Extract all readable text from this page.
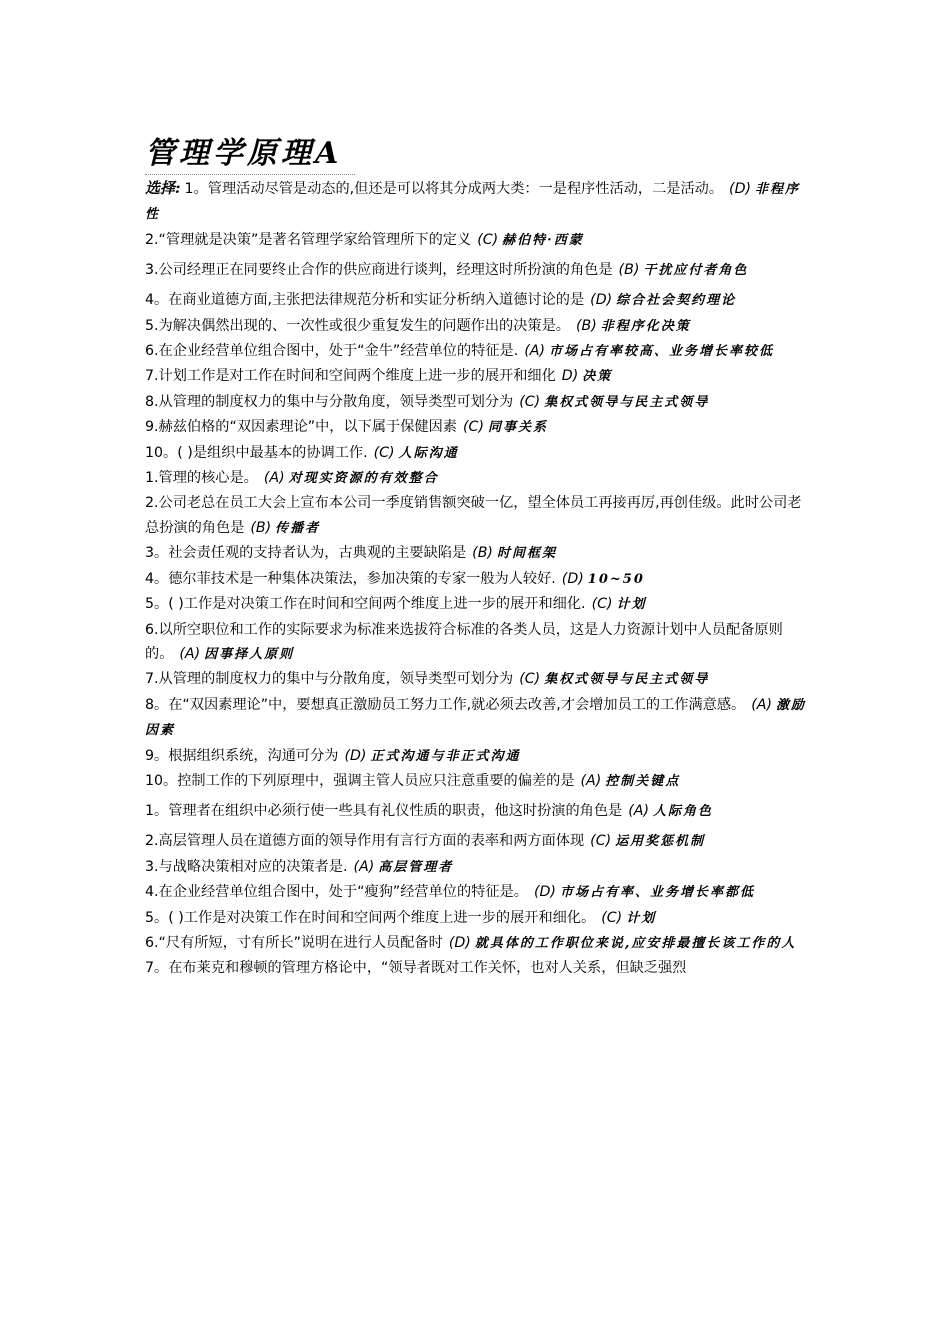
管理学原理A

选择: 1。管理活动尽管是动态的,但还是可以将其分成两大类：一是程序性活动，二是活动。 (D) 非程序性

2.“管理就是决策”是著名管理学家给管理所下的定义 (C) 赫伯特·西蒙

3.公司经理正在同要终止合作的供应商进行谈判，经理这时所扮演的角色是 (B) 干扰应付者角色

4。在商业道德方面,主张把法律规范分析和实证分析纳入道德讨论的是 (D) 综合社会契约理论

5.为解决偶然出现的、一次性或很少重复发生的问题作出的决策是。 (B) 非程序化决策

6.在企业经营单位组合图中，处于“金牛”经营单位的特征是. (A) 市场占有率较高、业务增长率较低

7.计划工作是对工作在时间和空间两个维度上进一步的展开和细化 D) 决策

8.从管理的制度权力的集中与分散角度，领导类型可划分为 (C) 集权式领导与民主式领导

9.赫兹伯格的“双因素理论”中，以下属于保健因素 (C) 同事关系

10。( )是组织中最基本的协调工作. (C) 人际沟通

1.管理的核心是。 (A) 对现实资源的有效整合

2.公司老总在员工大会上宣布本公司一季度销售额突破一亿，望全体员工再接再厉,再创佳级。此时公司老总扮演的角色是 (B) 传播者

3。社会责任观的支持者认为，古典观的主要缺陷是 (B) 时间框架

4。德尔菲技术是一种集体决策法，参加决策的专家一般为人较好. (D) 10~50

5。( )工作是对决策工作在时间和空间两个维度上进一步的展开和细化. (C) 计划

6.以所空职位和工作的实际要求为标准来选拔符合标准的各类人员，这是人力资源计划中人员配备原则的。 (A) 因事择人原则

7.从管理的制度权力的集中与分散角度，领导类型可划分为 (C) 集权式领导与民主式领导

8。在“双因素理论”中，要想真正激励员工努力工作,就必须去改善,才会增加员工的工作满意感。 (A) 激励因素

9。根据组织系统，沟通可分为 (D) 正式沟通与非正式沟通

10。控制工作的下列原理中，强调主管人员应只注意重要的偏差的是 (A) 控制关键点

1。管理者在组织中必须行使一些具有礼仪性质的职责，他这时扮演的角色是 (A) 人际角色

2.高层管理人员在道德方面的领导作用有言行方面的表率和两方面体现 (C) 运用奖惩机制

3.与战略决策相对应的决策者是. (A) 高层管理者

4.在企业经营单位组合图中，处于“瘦狗”经营单位的特征是。 (D) 市场占有率、业务增长率都低

5。( )工作是对决策工作在时间和空间两个维度上进一步的展开和细化。 (C) 计划

6.“尺有所短，寸有所长”说明在进行人员配备时 (D) 就具体的工作职位来说,应安排最擅长该工作的人

7。在布莱克和穆顿的管理方格论中，“领导者既对工作关怀，也对人关系，但缺乏强烈
